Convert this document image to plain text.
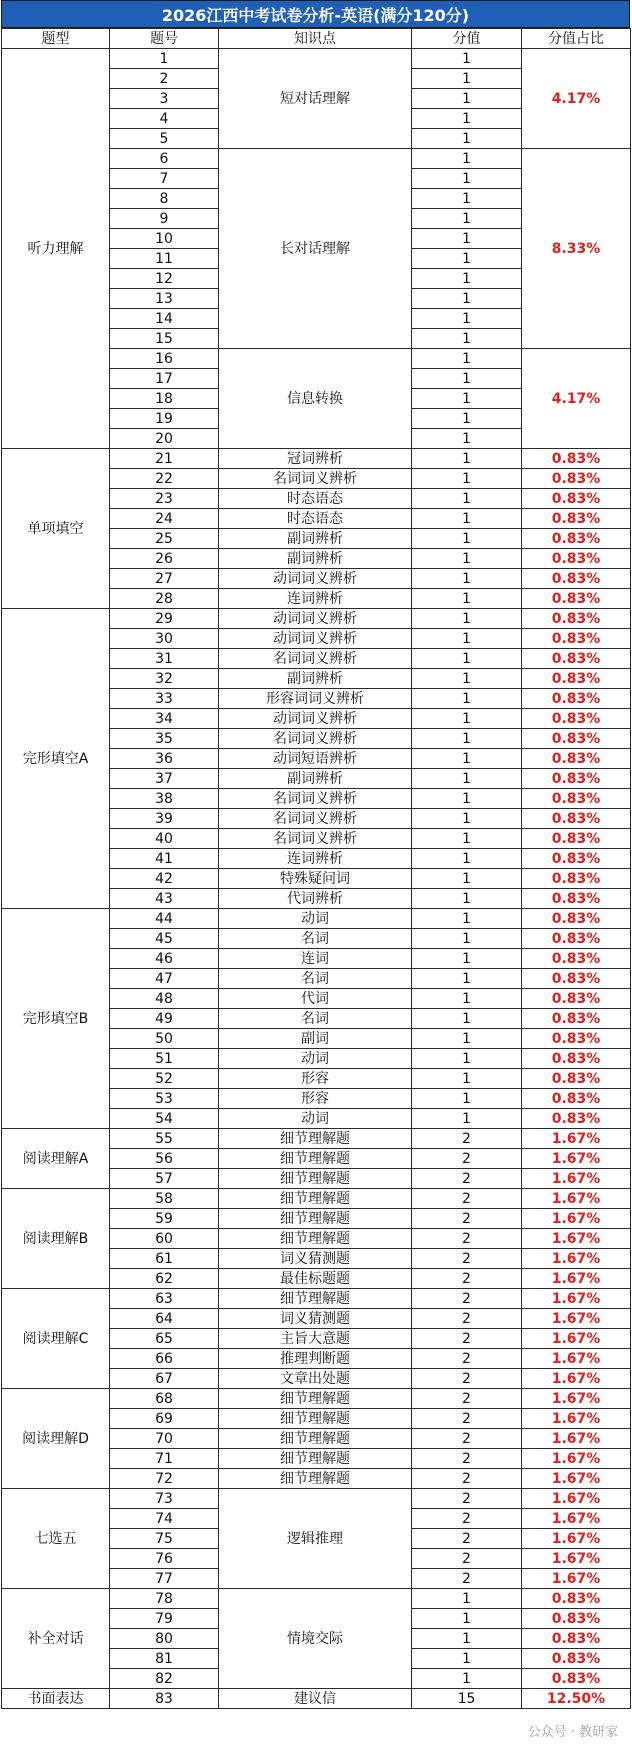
2026江西中考试卷分析-英语(满分120分)
题型	题号	知识点	分值	分值占比
听力理解	1	短对话理解	1	4.17%
	2		1	
	3		1	
	4		1	
	5		1	
	6	长对话理解	1	8.33%
	7		1	
	8		1	
	9		1	
	10		1	
	11		1	
	12		1	
	13		1	
	14		1	
	15		1	
	16	信息转换	1	4.17%
	17		1	
	18		1	
	19		1	
	20		1	
单项填空	21	冠词辨析	1	0.83%
	22	名词词义辨析	1	0.83%
	23	时态语态	1	0.83%
	24	时态语态	1	0.83%
	25	副词辨析	1	0.83%
	26	副词辨析	1	0.83%
	27	动词词义辨析	1	0.83%
	28	连词辨析	1	0.83%
完形填空A	29	动词词义辨析	1	0.83%
	30	动词词义辨析	1	0.83%
	31	名词词义辨析	1	0.83%
	32	副词辨析	1	0.83%
	33	形容词词义辨析	1	0.83%
	34	动词词义辨析	1	0.83%
	35	名词词义辨析	1	0.83%
	36	动词短语辨析	1	0.83%
	37	副词辨析	1	0.83%
	38	名词词义辨析	1	0.83%
	39	名词词义辨析	1	0.83%
	40	名词词义辨析	1	0.83%
	41	连词辨析	1	0.83%
	42	特殊疑问词	1	0.83%
	43	代词辨析	1	0.83%
完形填空B	44	动词	1	0.83%
	45	名词	1	0.83%
	46	连词	1	0.83%
	47	名词	1	0.83%
	48	代词	1	0.83%
	49	名词	1	0.83%
	50	副词	1	0.83%
	51	动词	1	0.83%
	52	形容	1	0.83%
	53	形容	1	0.83%
	54	动词	1	0.83%
阅读理解A	55	细节理解题	2	1.67%
	56	细节理解题	2	1.67%
	57	细节理解题	2	1.67%
阅读理解B	58	细节理解题	2	1.67%
	59	细节理解题	2	1.67%
	60	细节理解题	2	1.67%
	61	词义猜测题	2	1.67%
	62	最佳标题题	2	1.67%
阅读理解C	63	细节理解题	2	1.67%
	64	词义猜测题	2	1.67%
	65	主旨大意题	2	1.67%
	66	推理判断题	2	1.67%
	67	文章出处题	2	1.67%
阅读理解D	68	细节理解题	2	1.67%
	69	细节理解题	2	1.67%
	70	细节理解题	2	1.67%
	71	细节理解题	2	1.67%
	72	细节理解题	2	1.67%
七选五	73	逻辑推理	2	1.67%
	74		2	1.67%
	75		2	1.67%
	76		2	1.67%
	77		2	1.67%
补全对话	78	情境交际	1	0.83%
	79		1	0.83%
	80		1	0.83%
	81		1	0.83%
	82		1	0.83%
书面表达	83	建议信	15	12.50%
公众号 · 教研家
